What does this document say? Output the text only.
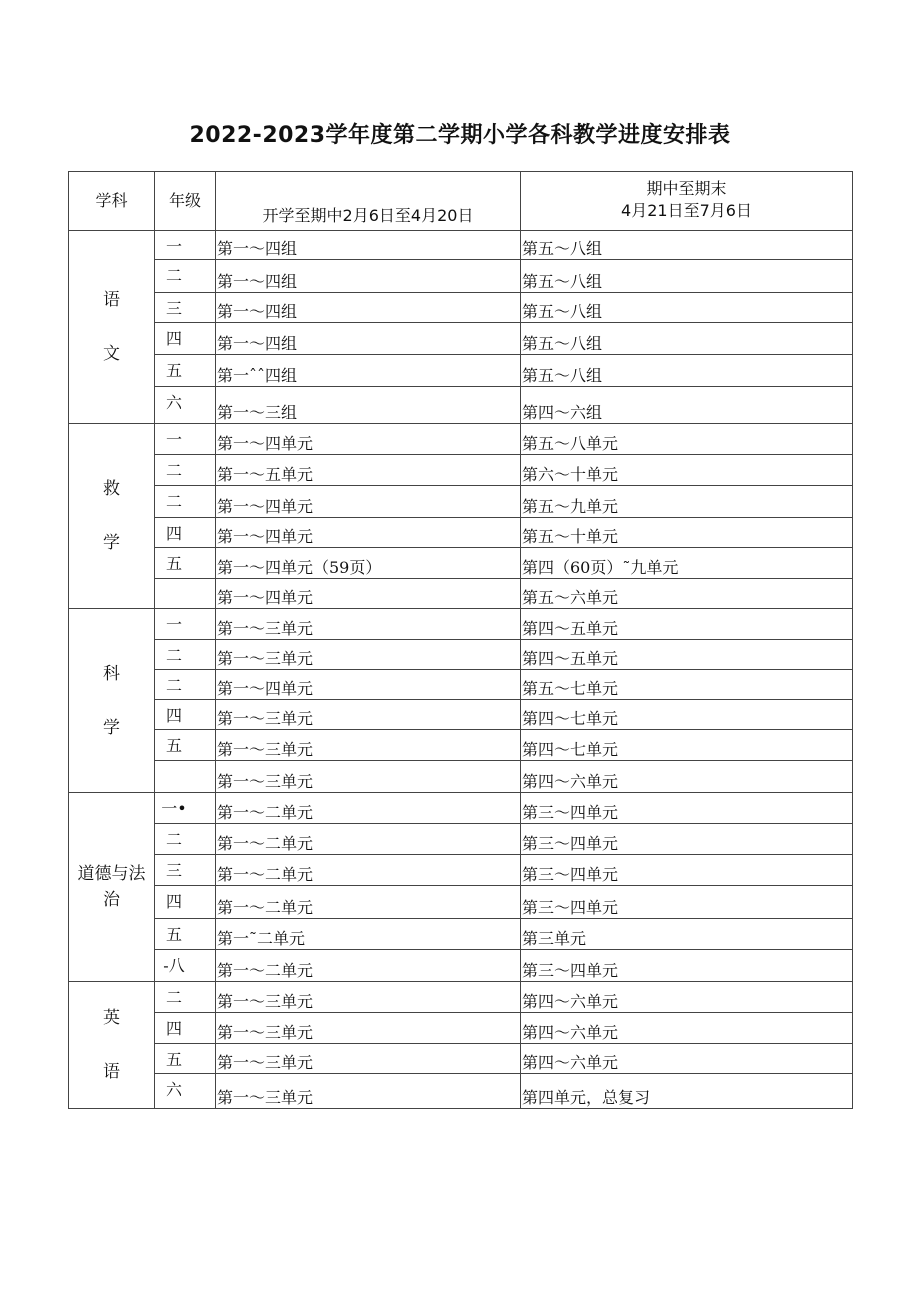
2022-2023学年度第二学期小学各科教学进度安排表
学科	年级	开学至期中2月6日至4月20日	期中至期末
4月21日至7月6日

语
文	一	第一～四组	第五～八组
	二	第一～四组	第五～八组
	三	第一～四组	第五～八组
	四	第一～四组	第五～八组
	五	第一ˆˆ四组	第五～八组
	六	第一～三组	第四～六组

救
学	一	第一～四单元	第五～八单元
	二	第一～五单元	第六～十单元
	二	第一～四单元	第五～九单元
	四	第一～四单元	第五～十单元
	五	第一～四单元（59页）	第四（60页）˜九单元
		第一～四单元	第五～六单元

科
学	一	第一～三单元	第四～五单元
	二	第一～三单元	第四～五单元
	二	第一～四单元	第五～七单元
	四	第一～三单元	第四～七单元
	五	第一～三单元	第四～七单元
		第一～三单元	第四～六单元

道德与法
治	一•	第一～二单元	第三～四单元
	二	第一～二单元	第三～四单元
	三	第一～二单元	第三～四单元
	四	第一～二单元	第三～四单元
	五	第一˜二单元	第三单元
	-八	第一～二单元	第三～四单元

英
语	二	第一～三单元	第四～六单元
	四	第一～三单元	第四～六单元
	五	第一～三单元	第四～六单元
	六	第一～三单元	第四单元，总复习
